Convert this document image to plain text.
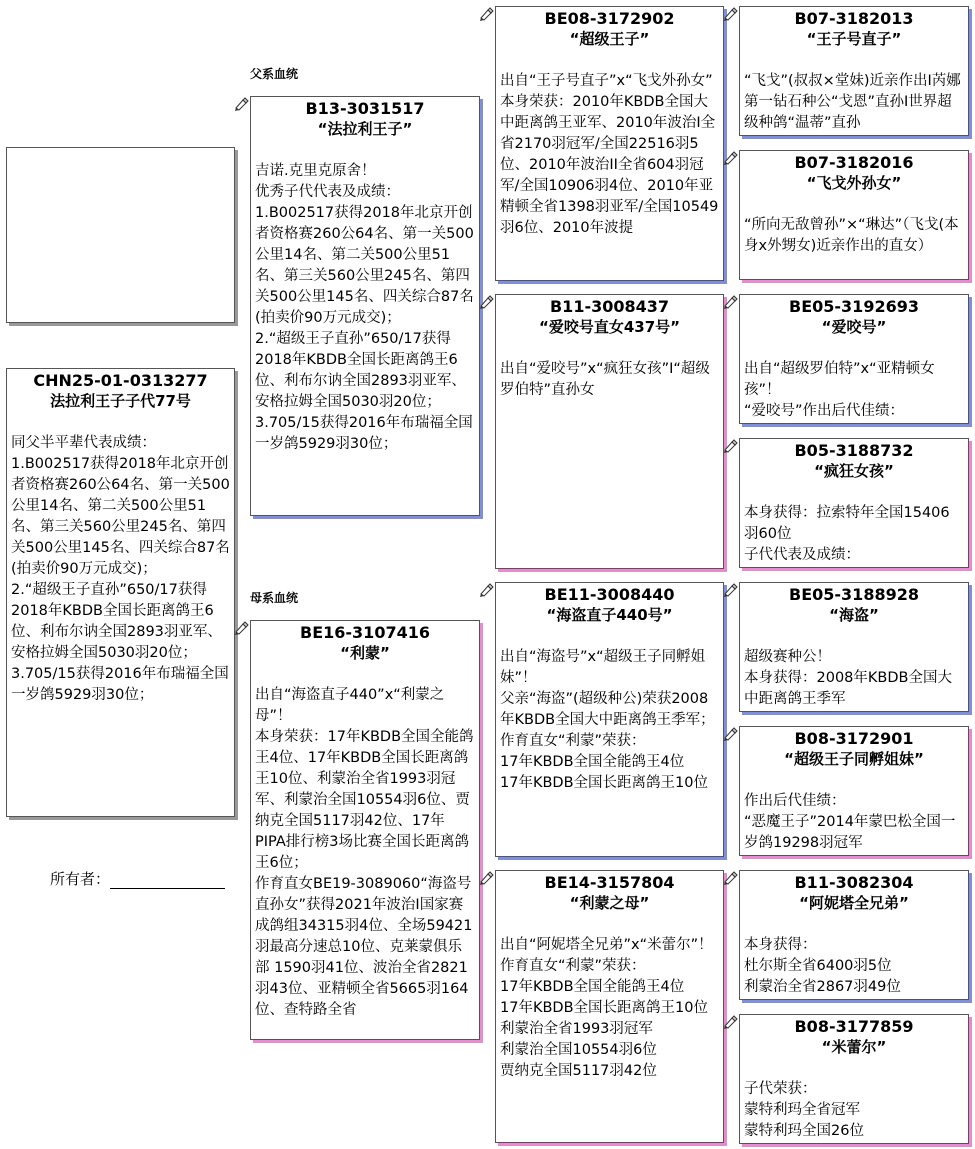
父系血统
母系血统
CHN25-01-0313277
法拉利王子子代77号
同父半平辈代表成绩：
1.B002517获得2018年北京开创者资格赛260公64名、第一关500公里14名、第二关500公里51名、第三关560公里245名、第四关500公里145名、四关综合87名(拍卖价90万元成交)；
2.“超级王子直孙”650/17获得2018年KBDB全国长距离鸽王6位、利布尔讷全国2893羽亚军、安格拉姆全国5030羽20位；
3.705/15获得2016年布瑞福全国一岁鸽5929羽30位；
所有者：
B13-3031517
“法拉利王子”
吉诺.克里克原舍！
优秀子代代表及成绩：
1.B002517获得2018年北京开创者资格赛260公64名、第一关500公里14名、第二关500公里51名、第三关560公里245名、第四关500公里145名、四关综合87名(拍卖价90万元成交)；
2.“超级王子直孙”650/17获得2018年KBDB全国长距离鸽王6位、利布尔讷全国2893羽亚军、安格拉姆全国5030羽20位；
3.705/15获得2016年布瑞福全国一岁鸽5929羽30位；
BE16-3107416
“利蒙”
出自“海盗直子440”x“利蒙之母”！
本身荣获：17年KBDB全国全能鸽王4位、17年KBDB全国长距离鸽王10位、利蒙治全省1993羽冠军、利蒙治全国10554羽6位、贾纳克全国5117羽42位、17年PIPA排行榜3场比赛全国长距离鸽王6位；
作育直女BE19-3089060“海盗号直孙女”获得2021年波治I国家赛成鸽组34315羽4位、全场59421羽最高分速总10位、克莱蒙俱乐部 1590羽41位、波治全省2821羽43位、亚精顿全省5665羽164位、查特路全省
BE08-3172902
“超级王子”
出自“王子号直子”x“飞戈外孙女”
本身荣获：2010年KBDB全国大中距离鸽王亚军、2010年波治I全省2170羽冠军/全国22516羽5位、2010年波治II全省604羽冠军/全国10906羽4位、2010年亚精顿全省1398羽亚军/全国10549羽6位、2010年波提
B11-3008437
“爱咬号直女437号”
出自“爱咬号”x“疯狂女孩”I“超级罗伯特”直孙女
BE11-3008440
“海盗直子440号”
出自“海盗号”x“超级王子同孵姐妹”！
父亲“海盗”(超级种公)荣获2008年KBDB全国大中距离鸽王季军；
作育直女“利蒙”荣获：
17年KBDB全国全能鸽王4位
17年KBDB全国长距离鸽王10位
BE14-3157804
“利蒙之母”
出自“阿妮塔全兄弟”x“米蕾尔”！
作育直女“利蒙”荣获：
17年KBDB全国全能鸽王4位
17年KBDB全国长距离鸽王10位
利蒙治全省1993羽冠军
利蒙治全国10554羽6位
贾纳克全国5117羽42位
B07-3182013
“王子号直子”
“飞戈”(叔叔×堂妹)近亲作出I芮娜第一钻石种公“戈恩”直孙I世界超级种鸽“温蒂”直孙
B07-3182016
“飞戈外孙女”
“所向无敌曾孙”×“琳达”（飞戈(本身x外甥女)近亲作出的直女）
BE05-3192693
“爱咬号”
出自“超级罗伯特”x“亚精顿女孩”！
“爱咬号”作出后代佳绩：
B05-3188732
“疯狂女孩”
本身获得：拉索特年全国15406羽60位
子代代表及成绩：
BE05-3188928
“海盗”
超级赛种公！
本身获得：2008年KBDB全国大中距离鸽王季军
B08-3172901
“超级王子同孵姐妹”
作出后代佳绩：
“恶魔王子”2014年蒙巴松全国一岁鸽19298羽冠军
B11-3082304
“阿妮塔全兄弟”
本身获得：
杜尔斯全省6400羽5位
利蒙治全省2867羽49位
B08-3177859
“米蕾尔”
子代荣获：
蒙特利玛全省冠军
蒙特利玛全国26位
